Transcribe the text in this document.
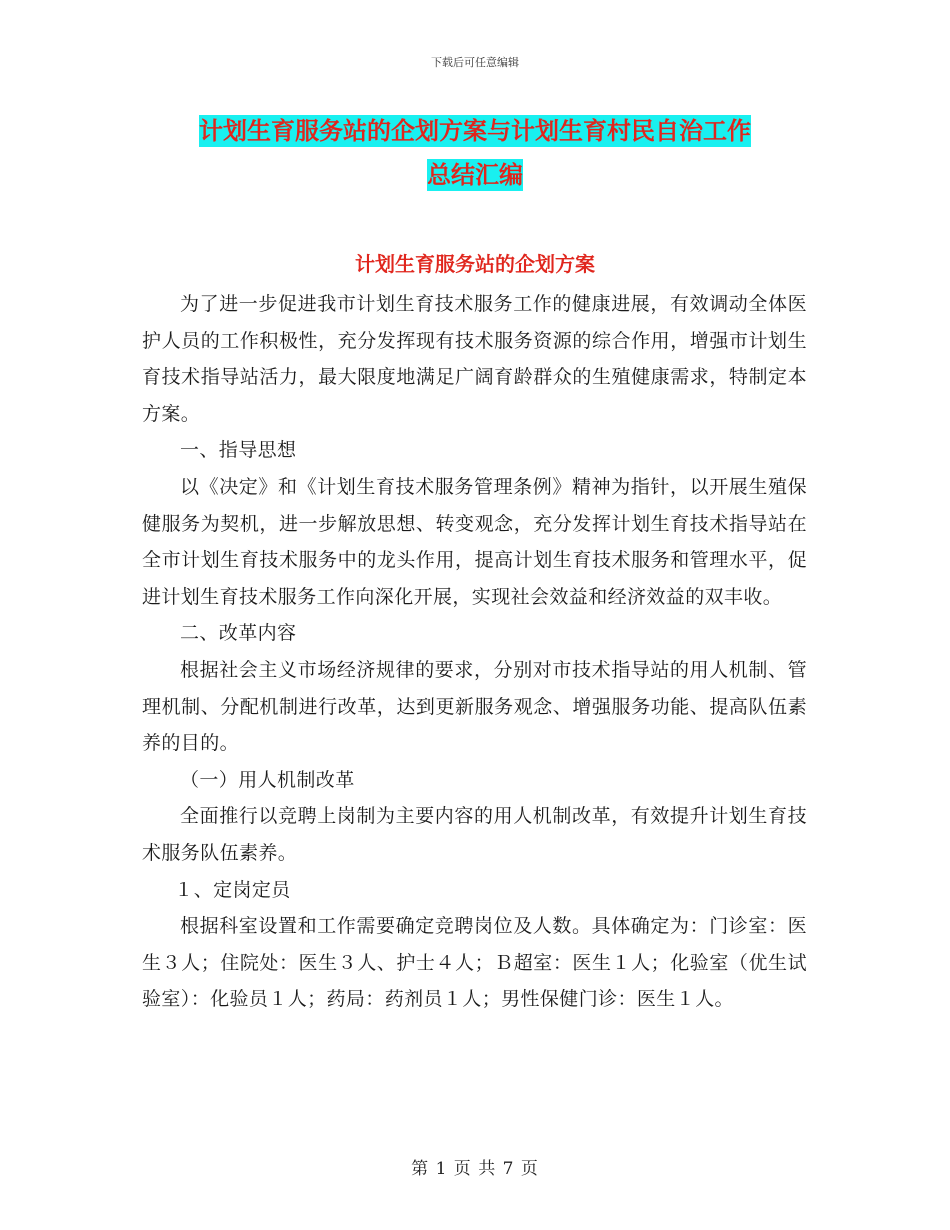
下载后可任意编辑
计划生育服务站的企划方案与计划生育村民自治工作
总结汇编
计划生育服务站的企划方案

为了进一步促进我市计划生育技术服务工作的健康进展，有效调动全体医护人员的工作积极性，充分发挥现有技术服务资源的综合作用，增强市计划生育技术指导站活力，最大限度地满足广阔育龄群众的生殖健康需求，特制定本方案。

一、指导思想

以《决定》和《计划生育技术服务管理条例》精神为指针，以开展生殖保健服务为契机，进一步解放思想、转变观念，充分发挥计划生育技术指导站在全市计划生育技术服务中的龙头作用，提高计划生育技术服务和管理水平，促进计划生育技术服务工作向深化开展，实现社会效益和经济效益的双丰收。

二、改革内容

根据社会主义市场经济规律的要求，分别对市技术指导站的用人机制、管理机制、分配机制进行改革，达到更新服务观念、增强服务功能、提高队伍素养的目的。

（一）用人机制改革

全面推行以竞聘上岗制为主要内容的用人机制改革，有效提升计划生育技术服务队伍素养。

１、定岗定员

根据科室设置和工作需要确定竞聘岗位及人数。具体确定为：门诊室：医生３人；住院处：医生３人、护士４人；Ｂ超室：医生１人；化验室（优生试验室）：化验员１人；药局：药剂员１人；男性保健门诊：医生１人。

第 1 页 共 7 页
